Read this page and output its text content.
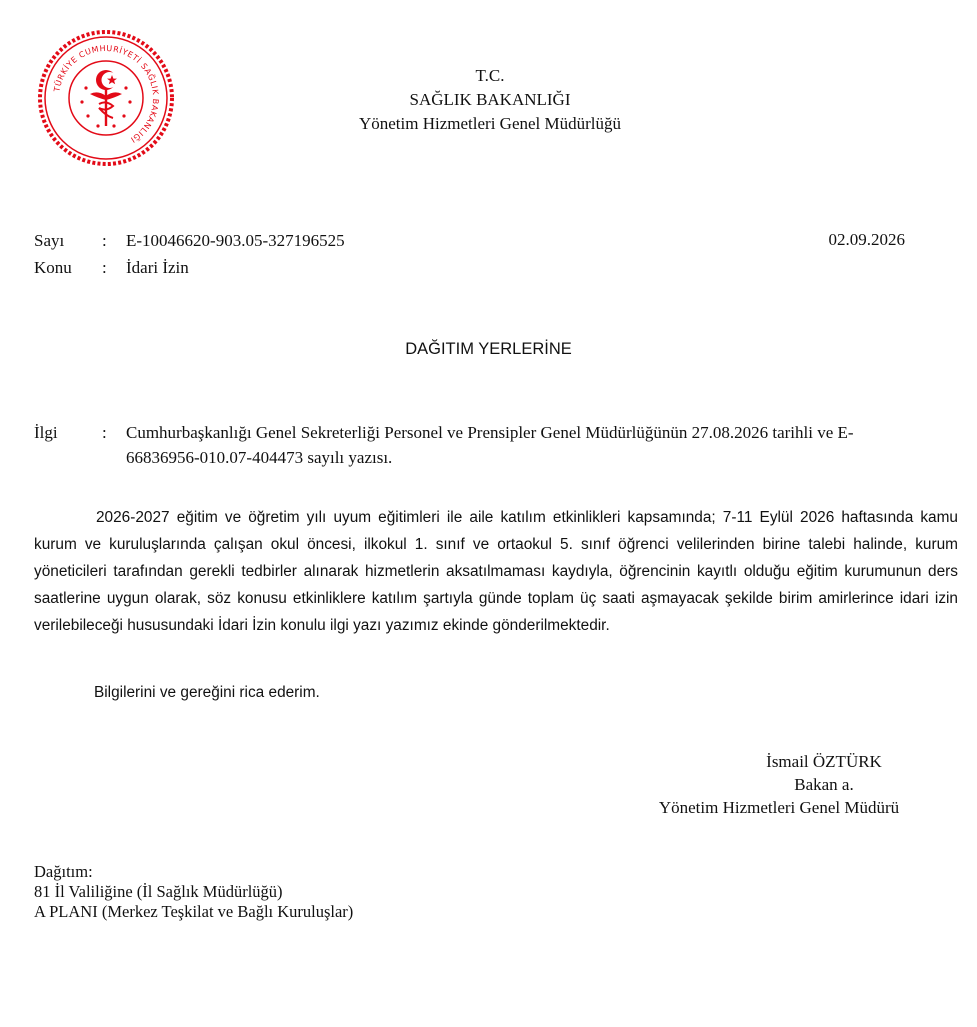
TÜRKİYE CUMHURİYETİ SAĞLIK BAKANLIĞI
T.C.
SAĞLIK BAKANLIĞI
Yönetim Hizmetleri Genel Müdürlüğü
Sayı : E-10046620-903.05-327196525
Konu : İdari İzin
02.09.2026
DAĞITIM YERLERİNE
İlgi	: Cumhurbaşkanlığı Genel Sekreterliği Personel ve Prensipler Genel Müdürlüğünün 27.08.2026 tarihli ve E-66836956-010.07-404473 sayılı yazısı.
2026-2027 eğitim ve öğretim yılı uyum eğitimleri ile aile katılım etkinlikleri kapsamında; 7-11 Eylül 2026 haftasında kamu kurum ve kuruluşlarında çalışan okul öncesi, ilkokul 1. sınıf ve ortaokul 5. sınıf öğrenci velilerinden birine talebi halinde, kurum yöneticileri tarafından gerekli tedbirler alınarak hizmetlerin aksatılmaması kaydıyla, öğrencinin kayıtlı olduğu eğitim kurumunun ders saatlerine uygun olarak, söz konusu etkinliklere katılım şartıyla günde toplam üç saati aşmayacak şekilde birim amirlerince idari izin verilebileceği hususundaki İdari İzin konulu ilgi yazı yazımız ekinde gönderilmektedir.
Bilgilerini ve gereğini rica ederim.
İsmail ÖZTÜRK
Bakan a.
Yönetim Hizmetleri Genel Müdürü
Dağıtım:
81 İl Valiliğine (İl Sağlık Müdürlüğü)
A PLANI (Merkez Teşkilat ve Bağlı Kuruluşlar)
